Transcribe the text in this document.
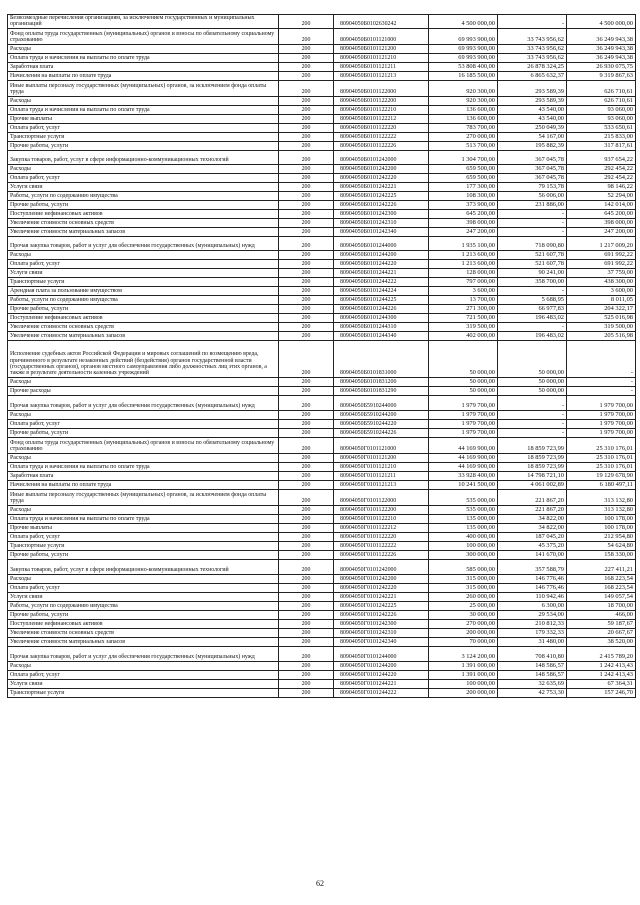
Безвозмездные перечисления организациям, за исключением государственных и муниципальных организаций	200	80904050Б0102630242	4 500 000,00	-	4 500 000,00
Фонд оплаты труда государственных (муниципальных) органов и взносы по обязательному социальному страхованию	200	80904050Б0101121000	69 993 900,00	33 743 956,62	36 249 943,38
Расходы	200	80904050Б0101121200	69 993 900,00	33 743 956,62	36 249 943,38
Оплата труда и начисления на выплаты по оплате труда	200	80904050Б0101121210	69 993 900,00	33 743 956,62	36 249 943,38
Заработная плата	200	80904050Б0101121211	53 808 400,00	26 878 324,25	26 930 075,75
Начисления на выплаты по оплате труда	200	80904050Б0101121213	16 185 500,00	6 865 632,37	9 319 867,63
Иные выплаты персоналу государственных (муниципальных) органов, за исключением фонда оплаты труда	200	80904050Б0101122000	920 300,00	293 589,39	626 710,61
Расходы	200	80904050Б0101122200	920 300,00	293 589,39	626 710,61
Оплата труда и начисления на выплаты по оплате труда	200	80904050Б0101122210	136 600,00	43 540,00	93 060,00
Прочие выплаты	200	80904050Б0101122212	136 600,00	43 540,00	93 060,00
Оплата работ, услуг	200	80904050Б0101122220	783 700,00	250 049,39	533 650,61
Транспортные услуги	200	80904050Б0101122222	270 000,00	54 167,00	215 833,00
Прочие работы, услуги	200	80904050Б0101122226	513 700,00	195 882,39	317 817,61
Закупка товаров, работ, услуг в сфере информационно-коммуникационных технологий	200	80904050Б0101242000	1 304 700,00	367 045,78	937 654,22
Расходы	200	80904050Б0101242200	659 500,00	367 045,78	292 454,22
Оплата работ, услуг	200	80904050Б0101242220	659 500,00	367 045,78	292 454,22
Услуги связи	200	80904050Б0101242221	177 300,00	79 153,78	98 146,22
Работы, услуги по содержанию имущества	200	80904050Б0101242225	108 300,00	56 006,00	52 294,00
Прочие работы, услуги	200	80904050Б0101242226	373 900,00	231 886,00	142 014,00
Поступление нефинансовых активов	200	80904050Б0101242300	645 200,00	-	645 200,00
Увеличение стоимости основных средств	200	80904050Б0101242310	398 000,00	-	398 000,00
Увеличение стоимости материальных запасов	200	80904050Б0101242340	247 200,00	-	247 200,00
Прочая закупка товаров, работ и услуг для обеспечения государственных (муниципальных) нужд	200	80904050Б0101244000	1 935 100,00	718 090,80	1 217 009,20
Расходы	200	80904050Б0101244200	1 213 600,00	521 607,78	691 992,22
Оплата работ, услуг	200	80904050Б0101244220	1 213 600,00	521 607,78	691 992,22
Услуги связи	200	80904050Б0101244221	128 000,00	90 241,00	37 759,00
Транспортные услуги	200	80904050Б0101244222	797 000,00	358 700,00	438 300,00
Арендная плата за пользование имуществом	200	80904050Б0101244224	3 600,00	-	3 600,00
Работы, услуги по содержанию имущества	200	80904050Б0101244225	13 700,00	5 688,95	8 011,05
Прочие работы, услуги	200	80904050Б0101244226	271 300,00	66 977,83	204 322,17
Поступление нефинансовых активов	200	80904050Б0101244300	721 500,00	196 483,02	525 016,98
Увеличение стоимости основных средств	200	80904050Б0101244310	319 500,00	-	319 500,00
Увеличение стоимости материальных запасов	200	80904050Б0101244340	402 000,00	196 483,02	205 516,98
Исполнение судебных актов Российской Федерации и мировых соглашений по возмещению вреда, причиненного в результате незаконных действий (бездействия) органов государственной власти (государственных органов), органов местного самоуправления либо должностных лиц этих органов, а также в результате деятельности казенных учреждений	200	80904050Б0101831000	50 000,00	50 000,00	-
Расходы	200	80904050Б0101831200	50 000,00	50 000,00	-
Прочие расходы	200	80904050Б0101831290	50 000,00	50 000,00	-
Прочая закупка товаров, работ и услуг для обеспечения государственных (муниципальных) нужд	200	80904050Б5910244000	1 979 700,00	-	1 979 700,00
Расходы	200	80904050Б5910244200	1 979 700,00	-	1 979 700,00
Оплата работ, услуг	200	80904050Б5910244220	1 979 700,00	-	1 979 700,00
Прочие работы, услуги	200	80904050Б5910244226	1 979 700,00	-	1 979 700,00
Фонд оплаты труда государственных (муниципальных) органов и взносы по обязательному социальному страхованию	200	80904050Г0101121000	44 169 900,00	18 859 723,99	25 310 176,01
Расходы	200	80904050Г0101121200	44 169 900,00	18 859 723,99	25 310 176,01
Оплата труда и начисления на выплаты по оплате труда	200	80904050Г0101121210	44 169 900,00	18 859 723,99	25 310 176,01
Заработная плата	200	80904050Г0101121211	33 928 400,00	14 798 721,10	19 129 678,90
Начисления на выплаты по оплате труда	200	80904050Г0101121213	10 241 500,00	4 061 002,89	6 180 497,11
Иные выплаты персоналу государственных (муниципальных) органов, за исключением фонда оплаты труда	200	80904050Г0101122000	535 000,00	221 867,20	313 132,80
Расходы	200	80904050Г0101122200	535 000,00	221 867,20	313 132,80
Оплата труда и начисления на выплаты по оплате труда	200	80904050Г0101122210	135 000,00	34 822,00	100 178,00
Прочие выплаты	200	80904050Г0101122212	135 000,00	34 822,00	100 178,00
Оплата работ, услуг	200	80904050Г0101122220	400 000,00	187 045,20	212 954,80
Транспортные услуги	200	80904050Г0101122222	100 000,00	45 375,20	54 624,80
Прочие работы, услуги	200	80904050Г0101122226	300 000,00	141 670,00	158 330,00
Закупка товаров, работ, услуг в сфере информационно-коммуникационных технологий	200	80904050Г0101242000	585 000,00	357 588,79	227 411,21
Расходы	200	80904050Г0101242200	315 000,00	146 776,46	168 223,54
Оплата работ, услуг	200	80904050Г0101242220	315 000,00	146 776,46	168 223,54
Услуги связи	200	80904050Г0101242221	260 000,00	110 942,46	149 057,54
Работы, услуги по содержанию имущества	200	80904050Г0101242225	25 000,00	6 300,00	18 700,00
Прочие работы, услуги	200	80904050Г0101242226	30 000,00	29 534,00	466,00
Поступление нефинансовых активов	200	80904050Г0101242300	270 000,00	210 812,33	59 187,67
Увеличение стоимости основных средств	200	80904050Г0101242310	200 000,00	179 332,33	20 667,67
Увеличение стоимости материальных запасов	200	80904050Г0101242340	70 000,00	31 480,00	38 520,00
Прочая закупка товаров, работ и услуг для обеспечения государственных (муниципальных) нужд	200	80904050Г0101244000	3 124 200,00	708 410,80	2 415 789,20
Расходы	200	80904050Г0101244200	1 391 000,00	148 586,57	1 242 413,43
Оплата работ, услуг	200	80904050Г0101244220	1 391 000,00	148 586,57	1 242 413,43
Услуги связи	200	80904050Г0101244221	100 000,00	32 635,69	67 364,31
Транспортные услуги	200	80904050Г0101244222	200 000,00	42 753,30	157 246,70
62
